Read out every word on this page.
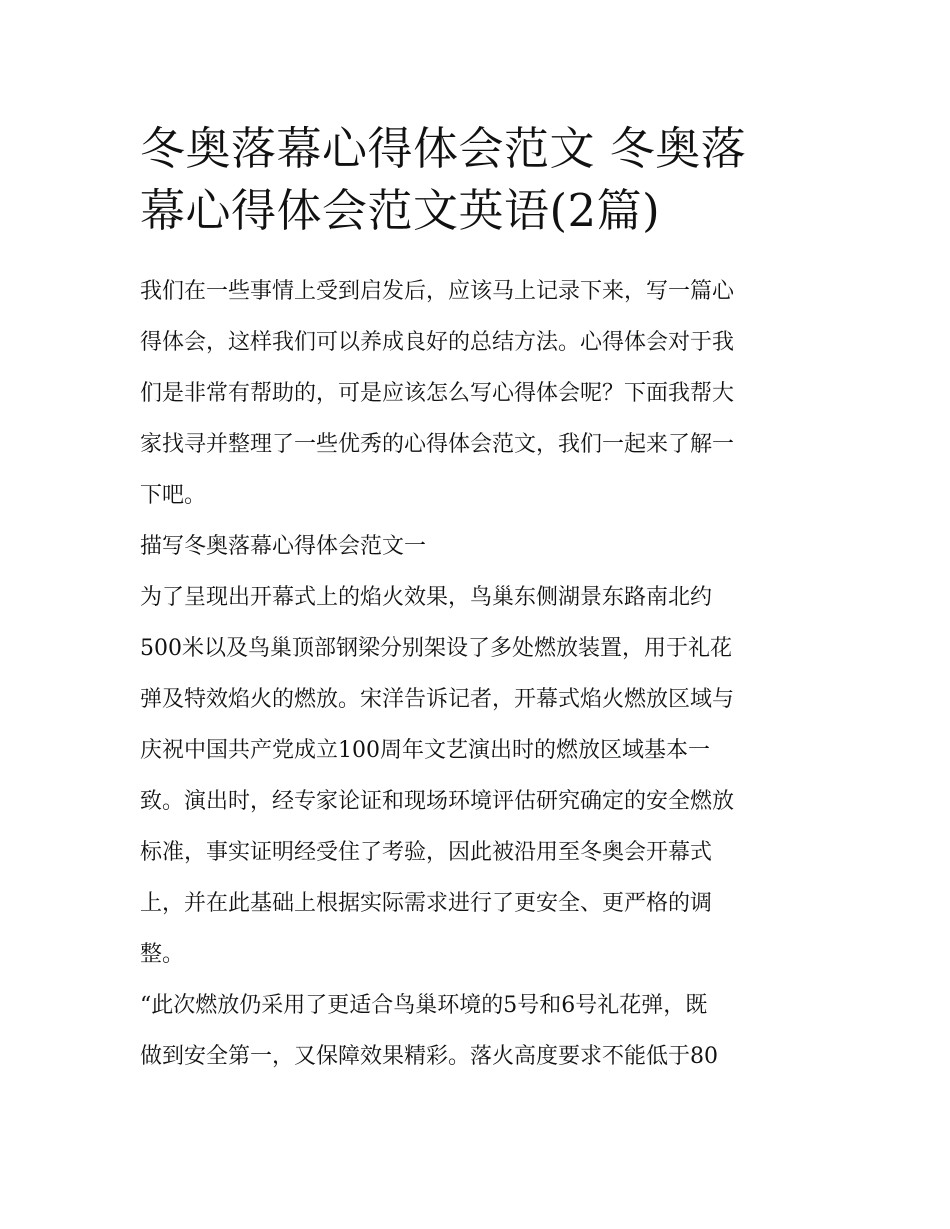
冬奥落幕心得体会范文 冬奥落
幕心得体会范文英语(2篇)

我们在一些事情上受到启发后，应该马上记录下来，写一篇心
得体会，这样我们可以养成良好的总结方法。心得体会对于我
们是非常有帮助的，可是应该怎么写心得体会呢？下面我帮大
家找寻并整理了一些优秀的心得体会范文，我们一起来了解一
下吧。

描写冬奥落幕心得体会范文一

为了呈现出开幕式上的焰火效果，鸟巢东侧湖景东路南北约
500米以及鸟巢顶部钢梁分别架设了多处燃放装置，用于礼花
弹及特效焰火的燃放。宋洋告诉记者，开幕式焰火燃放区域与
庆祝中国共产党成立100周年文艺演出时的燃放区域基本一
致。演出时，经专家论证和现场环境评估研究确定的安全燃放
标准，事实证明经受住了考验，因此被沿用至冬奥会开幕式
上，并在此基础上根据实际需求进行了更安全、更严格的调
整。

“此次燃放仍采用了更适合鸟巢环境的5号和6号礼花弹，既
做到安全第一，又保障效果精彩。落火高度要求不能低于80
